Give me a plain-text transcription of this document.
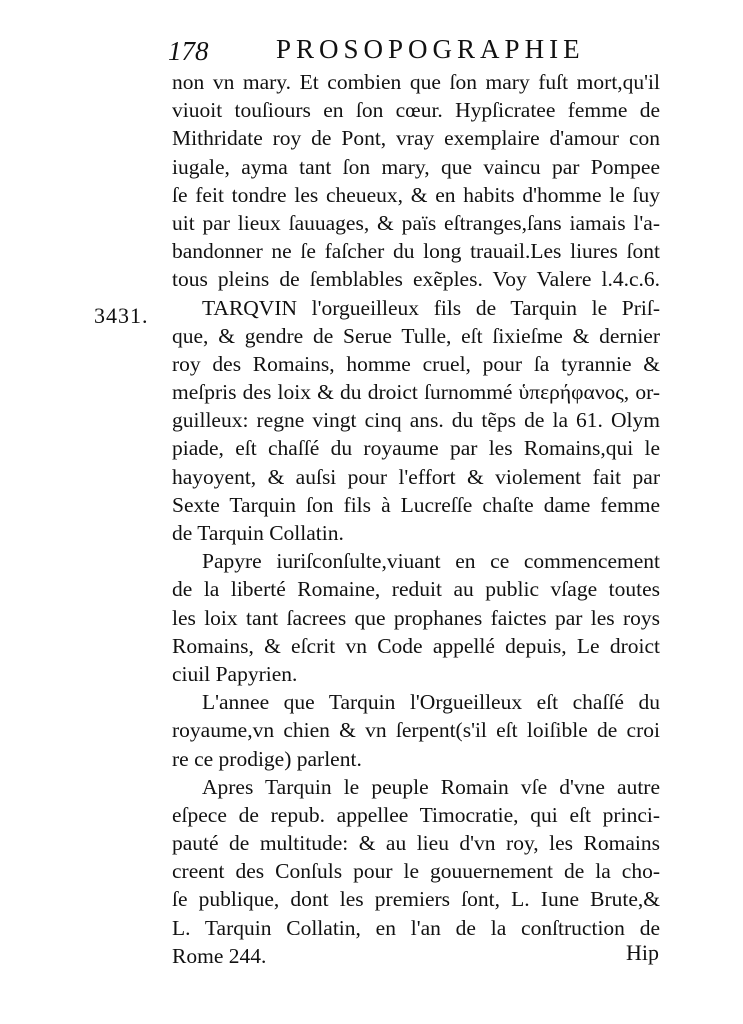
178	PROSOPOGRAPHIE
3431.
non vn mary. Et combien que ſon mary fuſt mort,qu'il
viuoit touſiours en ſon cœur. Hypſicratee femme de
Mithridate roy de Pont, vray exemplaire d'amour con
iugale, ayma tant ſon mary, que vaincu par Pompee
ſe feit tondre les cheueux, & en habits d'homme le ſuy
uit par lieux ſauuages, & païs eſtranges,ſans iamais l'a-
bandonner ne ſe faſcher du long trauail.Les liures ſont
tous pleins de ſemblables exẽples. Voy Valere l.4.c.6.
TARQVIN l'orgueilleux fils de Tarquin le Priſ-
que, & gendre de Serue Tulle, eſt ſixieſme & dernier
roy des Romains, homme cruel, pour ſa tyrannie &
meſpris des loix & du droict ſurnommé ὑπερήφανος, or-
guilleux: regne vingt cinq ans. du tẽps de la 61. Olym
piade, eſt chaſſé du royaume par les Romains,qui le
hayoyent, & auſsi pour l'effort & violement fait par
Sexte Tarquin ſon fils à Lucreſſe chaſte dame femme
de Tarquin Collatin.
Papyre iuriſconſulte,viuant en ce commencement
de la liberté Romaine, reduit au public vſage toutes
les loix tant ſacrees que prophanes faictes par les roys
Romains, & eſcrit vn Code appellé depuis, Le droict
ciuil Papyrien.
L'annee que Tarquin l'Orgueilleux eſt chaſſé du
royaume,vn chien & vn ſerpent(s'il eſt loiſible de croi
re ce prodige) parlent.
Apres Tarquin le peuple Romain vſe d'vne autre
eſpece de repub. appellee Timocratie, qui eſt princi-
pauté de multitude: & au lieu d'vn roy, les Romains
creent des Conſuls pour le gouuernement de la cho-
ſe publique, dont les premiers ſont, L. Iune Brute,&
L. Tarquin Collatin, en l'an de la conſtruction de
Rome 244.	Hip
